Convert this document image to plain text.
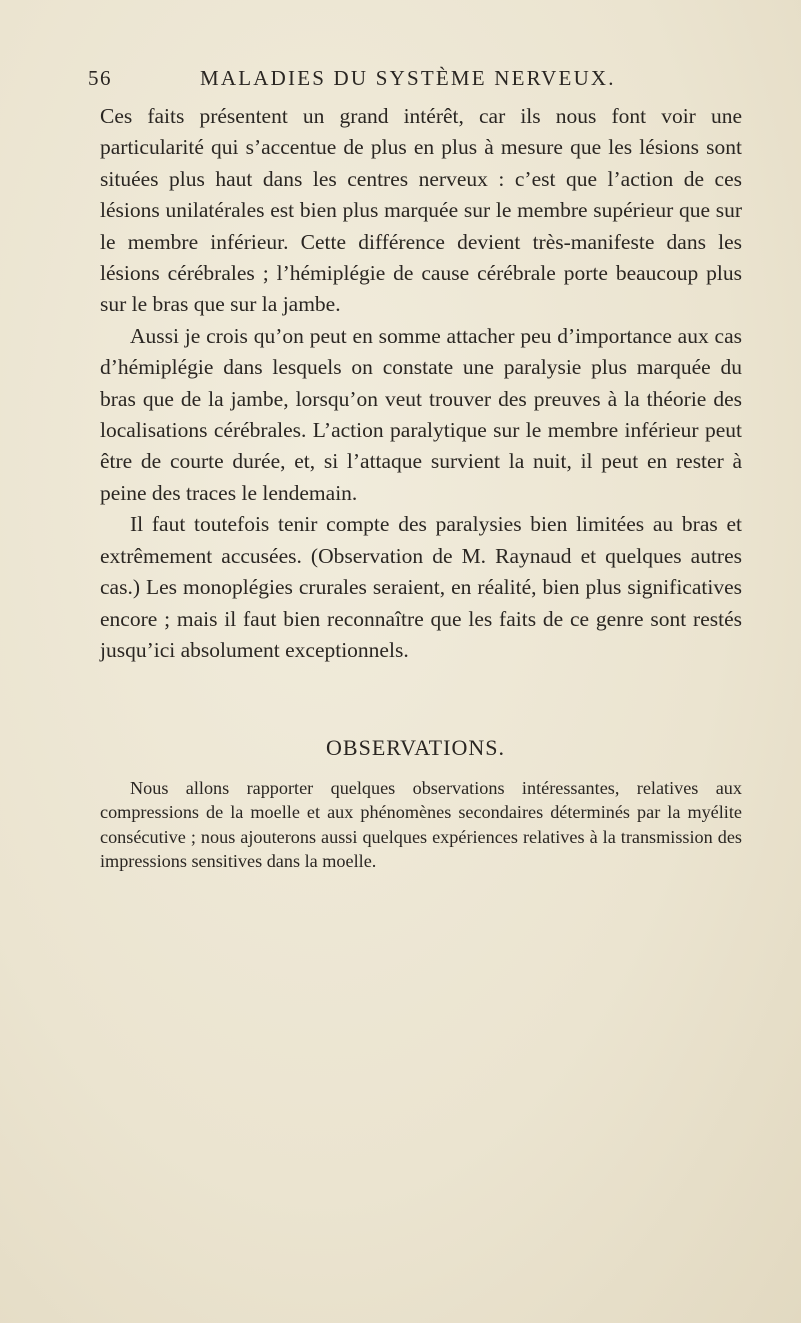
56	MALADIES DU SYSTÈME NERVEUX.

Ces faits présentent un grand intérêt, car ils nous font voir une particularité qui s’accentue de plus en plus à mesure que les lésions sont situées plus haut dans les centres nerveux : c’est que l’action de ces lésions unilatérales est bien plus marquée sur le membre supérieur que sur le membre inférieur. Cette différence devient très-manifeste dans les lésions cérébrales ; l’hémiplégie de cause cérébrale porte beaucoup plus sur le bras que sur la jambe.

Aussi je crois qu’on peut en somme attacher peu d’importance aux cas d’hémiplégie dans lesquels on constate une paralysie plus marquée du bras que de la jambe, lorsqu’on veut trouver des preuves à la théorie des localisations cérébrales. L’action paralytique sur le membre inférieur peut être de courte durée, et, si l’attaque survient la nuit, il peut en rester à peine des traces le lendemain.

Il faut toutefois tenir compte des paralysies bien limitées au bras et extrêmement accusées. (Observation de M. Raynaud et quelques autres cas.) Les monoplégies crurales seraient, en réalité, bien plus significatives encore ; mais il faut bien reconnaître que les faits de ce genre sont restés jusqu’ici absolument exceptionnels.

OBSERVATIONS.

Nous allons rapporter quelques observations intéressantes, relatives aux compressions de la moelle et aux phénomènes secondaires déterminés par la myélite consécutive ; nous ajouterons aussi quelques expériences relatives à la transmission des impressions sensitives dans la moelle.
